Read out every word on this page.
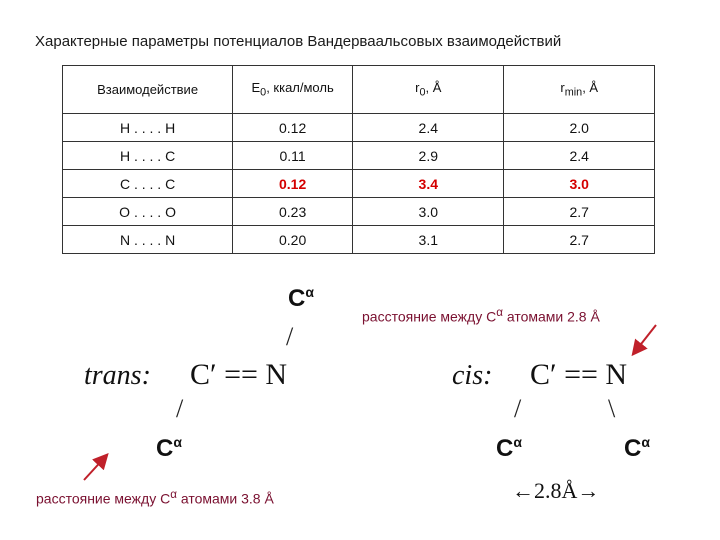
Характерные параметры потенциалов Вандерваальсовых взаимодействий
Взаимодействие	$E_0$, ккал/моль	$r_0$, Å	$r_{min}$, Å
H . . . . H	0.12	2.4	2.0
H . . . . C	0.11	2.9	2.4
C . . . . C	0.12	3.4	3.0
O . . . . O	0.23	3.0	2.7
N . . . . N	0.20	3.1	2.7
$C^\alpha$
/
trans: C′ == N
/
$C^\alpha$
cis: C′ == N
/	\
$C^\alpha$	$C^\alpha$
←2.8Å→
расстояние между $C^\alpha$ атомами 2.8 Å
расстояние между $C^\alpha$ атомами 3.8 Å
